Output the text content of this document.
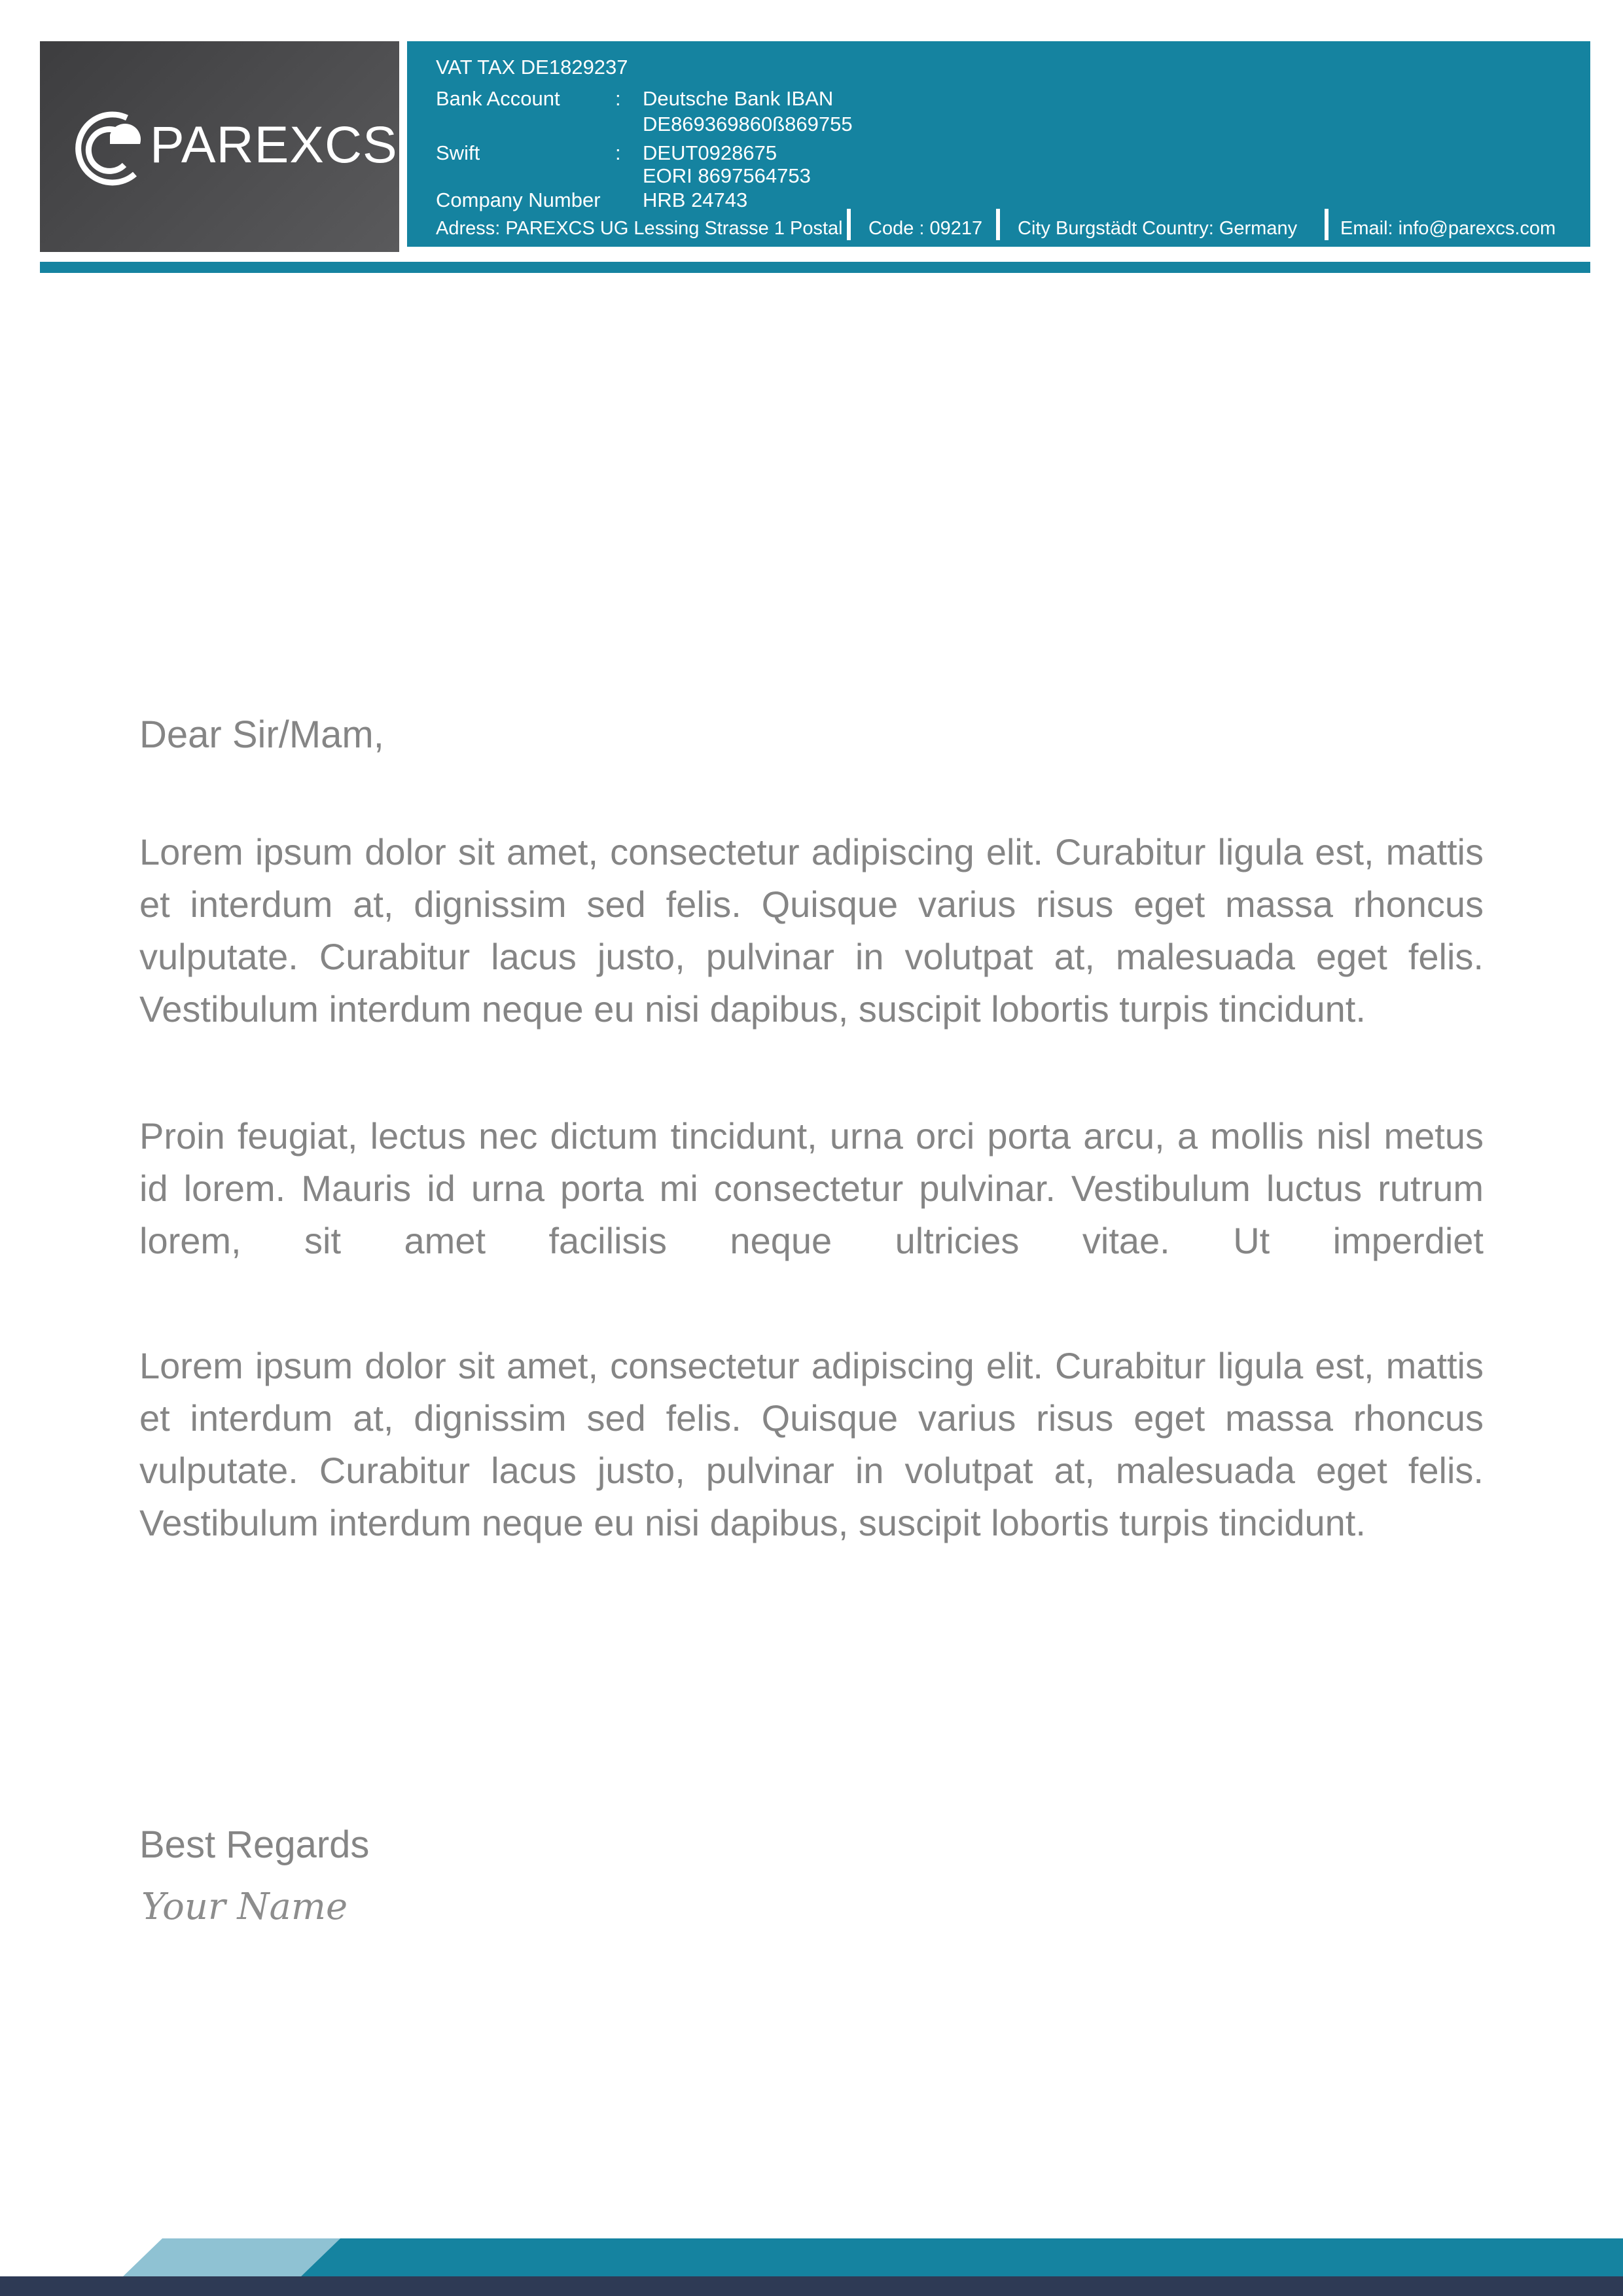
PAREXCS
VAT TAX DE1829237
Bank Account	: Deutsche Bank IBAN
DE869369860ß869755
Swift	: DEUT0928675
EORI 8697564753
Company Number HRB 24743
Adress: PAREXCS UG Lessing Strasse 1 Postal Code : 09217 City Burgstädt Country: Germany Email: info@parexcs.com
Dear Sir/Mam,
Lorem ipsum dolor sit amet, consectetur adipiscing elit. Curabitur ligula est, mattis et interdum at, dignissim sed felis. Quisque varius risus eget massa rhoncus vulputate. Curabitur lacus justo, pulvinar in volutpat at, malesuada eget felis. Vestibulum interdum neque eu nisi dapibus, suscipit lobortis turpis tincidunt.
Proin feugiat, lectus nec dictum tincidunt, urna orci porta arcu, a mollis nisl metus id lorem. Mauris id urna porta mi consectetur pulvinar. Vestibulum luctus rutrum lorem, sit amet facilisis neque ultricies vitae. Ut imperdiet
Lorem ipsum dolor sit amet, consectetur adipiscing elit. Curabitur ligula est, mattis et interdum at, dignissim sed felis. Quisque varius risus eget massa rhoncus vulputate. Curabitur lacus justo, pulvinar in volutpat at, malesuada eget felis. Vestibulum interdum neque eu nisi dapibus, suscipit lobortis turpis tincidunt.
Best Regards
Your Name
